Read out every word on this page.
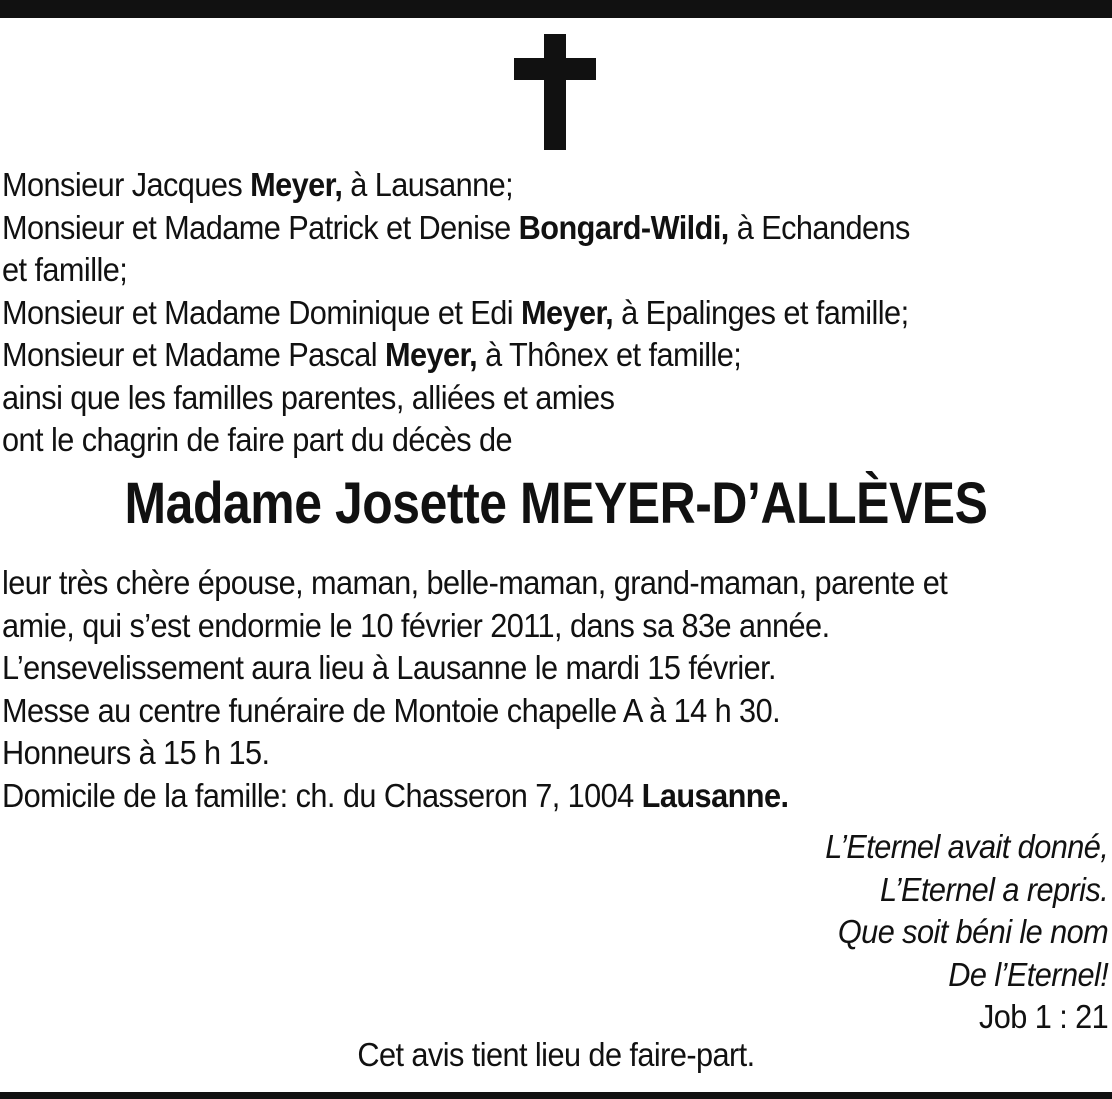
Monsieur Jacques Meyer, à Lausanne;
Monsieur et Madame Patrick et Denise Bongard-Wildi, à Echandens
et famille;
Monsieur et Madame Dominique et Edi Meyer, à Epalinges et famille;
Monsieur et Madame Pascal Meyer, à Thônex et famille;
ainsi que les familles parentes, alliées et amies
ont le chagrin de faire part du décès de
Madame Josette MEYER-D’ALLÈVES
leur très chère épouse, maman, belle-maman, grand-maman, parente et
amie, qui s’est endormie le 10 février 2011, dans sa 83e année.
L’ensevelissement aura lieu à Lausanne le mardi 15 février.
Messe au centre funéraire de Montoie chapelle A à 14 h 30.
Honneurs à 15 h 15.
Domicile de la famille: ch. du Chasseron 7, 1004 Lausanne.
L’Eternel avait donné,
L’Eternel a repris.
Que soit béni le nom
De l’Eternel!
Job 1 : 21
Cet avis tient lieu de faire-part.
